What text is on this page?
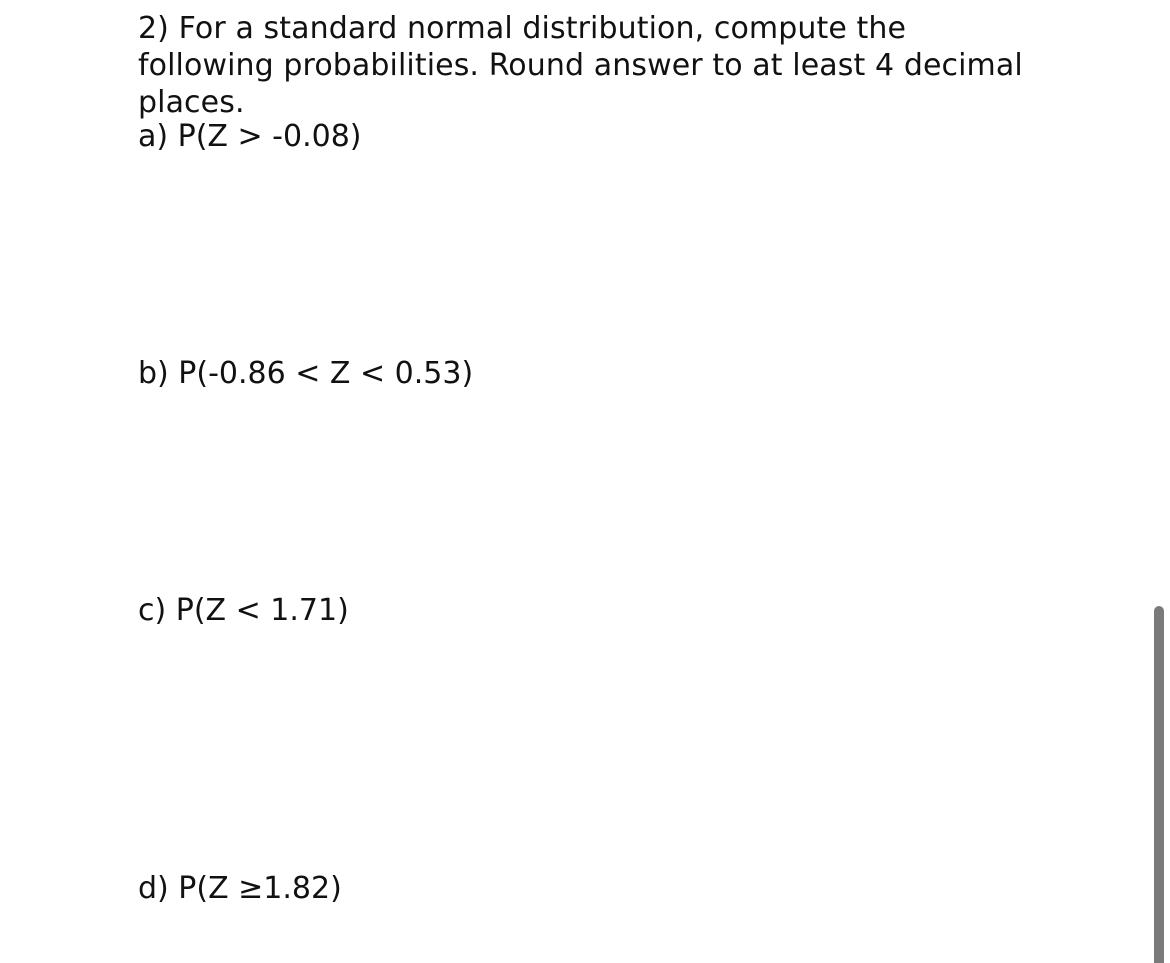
2) For a standard normal distribution, compute the following probabilities. Round answer to at least 4 decimal places.
a) P(Z > -0.08)
b) P(-0.86 < Z < 0.53)
c) P(Z < 1.71)
d) P(Z ≥1.82)
